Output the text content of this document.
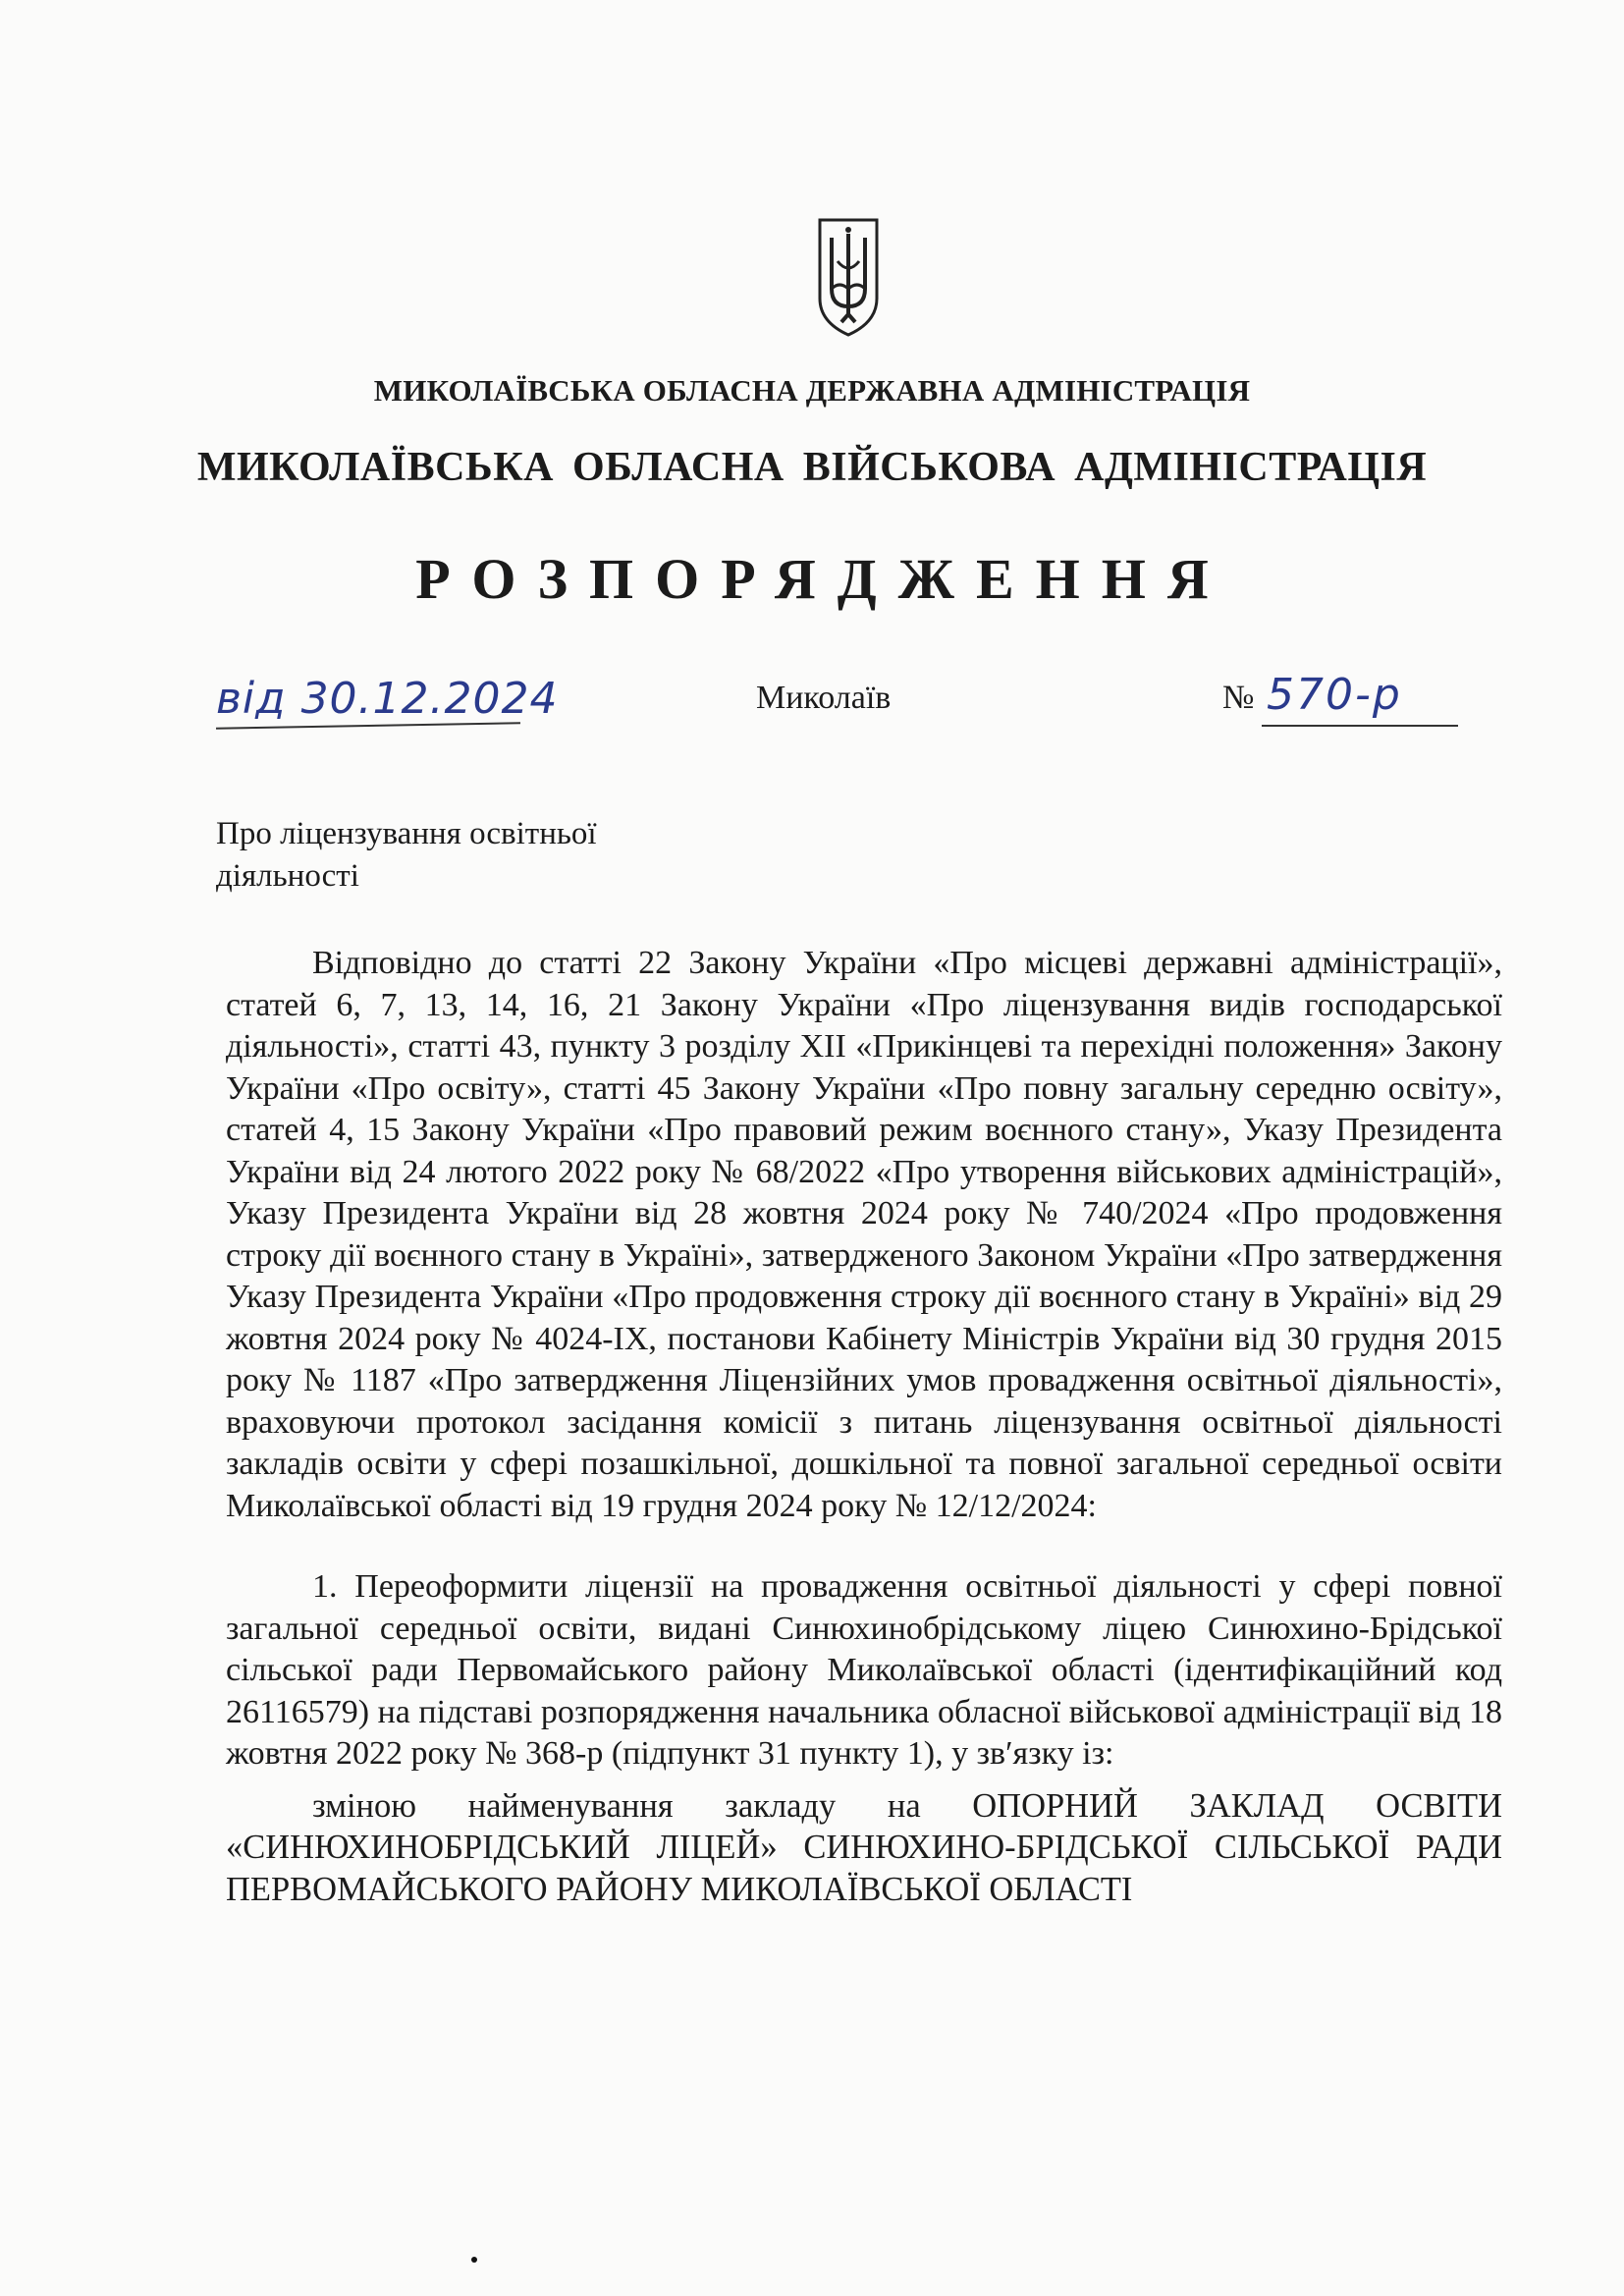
МИКОЛАЇВСЬКА ОБЛАСНА ДЕРЖАВНА АДМІНІСТРАЦІЯ
МИКОЛАЇВСЬКА ОБЛАСНА ВІЙСЬКОВА АДМІНІСТРАЦІЯ
РОЗПОРЯДЖЕННЯ
від 30.12.2024	Миколаїв	№ 570-р
Про ліцензування освітньої
діяльності

Відповідно до статті 22 Закону України «Про місцеві державні адміністрації», статей 6, 7, 13, 14, 16, 21 Закону України «Про ліцензування видів господарської діяльності», статті 43, пункту 3 розділу XII «Прикінцеві та перехідні положення» Закону України «Про освіту», статті 45 Закону України «Про повну загальну середню освіту», статей 4, 15 Закону України «Про правовий режим воєнного стану», Указу Президента України від 24 лютого 2022 року № 68/2022 «Про утворення військових адміністрацій», Указу Президента України від 28 жовтня 2024 року № 740/2024 «Про продовження строку дії воєнного стану в Україні», затвердженого Законом України «Про затвердження Указу Президента України «Про продовження строку дії воєнного стану в Україні» від 29 жовтня 2024 року № 4024-IX, постанови Кабінету Міністрів України від 30 грудня 2015 року № 1187 «Про затвердження Ліцензійних умов провадження освітньої діяльності», враховуючи протокол засідання комісії з питань ліцензування освітньої діяльності закладів освіти у сфері позашкільної, дошкільної та повної загальної середньої освіти Миколаївської області від 19 грудня 2024 року № 12/12/2024:

1. Переоформити ліцензії на провадження освітньої діяльності у сфері повної загальної середньої освіти, видані Синюхинобрідському ліцею Синюхино-Брідської сільської ради Первомайського району Миколаївської області (ідентифікаційний код 26116579) на підставі розпорядження начальника обласної військової адміністрації від 18 жовтня 2022 року № 368-р (підпункт 31 пункту 1), у зв′язку із:

зміною найменування закладу на ОПОРНИЙ ЗАКЛАД ОСВІТИ «СИНЮХИНОБРІДСЬКИЙ ЛІЦЕЙ» СИНЮХИНО-БРІДСЬКОЇ СІЛЬСЬКОЇ РАДИ ПЕРВОМАЙСЬКОГО РАЙОНУ МИКОЛАЇВСЬКОЇ ОБЛАСТІ
